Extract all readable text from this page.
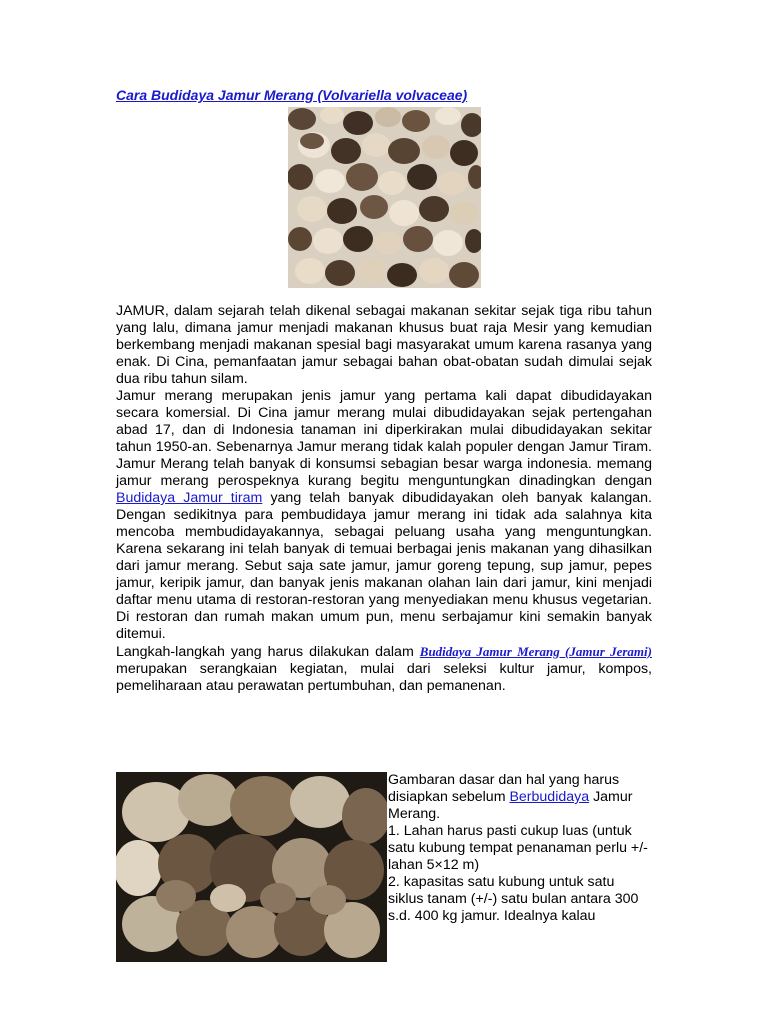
Cara Budidaya Jamur Merang (Volvariella volvaceae)

JAMUR, dalam sejarah telah dikenal sebagai makanan sekitar sejak tiga ribu tahun yang lalu, dimana jamur menjadi makanan khusus buat raja Mesir yang kemudian berkembang menjadi makanan spesial bagi masyarakat umum karena rasanya yang enak. Di Cina, pemanfaatan jamur sebagai bahan obat-obatan sudah dimulai sejak dua ribu tahun silam.

Jamur merang merupakan jenis jamur yang pertama kali dapat dibudidayakan secara komersial. Di Cina jamur merang mulai dibudidayakan sejak pertengahan abad 17, dan di Indonesia tanaman ini diperkirakan mulai dibudidayakan sekitar tahun 1950-an. Sebenarnya Jamur merang tidak kalah populer dengan Jamur Tiram. Jamur Merang telah banyak di konsumsi sebagian besar warga indonesia. memang jamur merang perospeknya kurang begitu menguntungkan dinadingkan dengan Budidaya Jamur tiram yang telah banyak dibudidayakan oleh banyak kalangan. Dengan sedikitnya para pembudidaya jamur merang ini tidak ada salahnya kita mencoba membudidayakannya, sebagai peluang usaha yang menguntungkan. Karena sekarang ini telah banyak di temuai berbagai jenis makanan yang dihasilkan dari jamur merang. Sebut saja sate jamur, jamur goreng tepung, sup jamur, pepes jamur, keripik jamur, dan banyak jenis makanan olahan lain dari jamur, kini menjadi daftar menu utama di restoran-restoran yang menyediakan menu khusus vegetarian. Di restoran dan rumah makan umum pun, menu serbajamur kini semakin banyak ditemui.

Langkah-langkah yang harus dilakukan dalam Budidaya Jamur Merang (Jamur Jerami) merupakan serangkaian kegiatan, mulai dari seleksi kultur jamur, kompos, pemeliharaan atau perawatan pertumbuhan, dan pemanenan.

Gambaran dasar dan hal yang harus disiapkan sebelum Berbudidaya Jamur Merang.

1. Lahan harus pasti cukup luas (untuk satu kubung tempat penanaman perlu +/- lahan 5×12 m)

2. kapasitas satu kubung untuk satu siklus tanam (+/-) satu bulan antara 300 s.d. 400 kg jamur. Idealnya kalau
